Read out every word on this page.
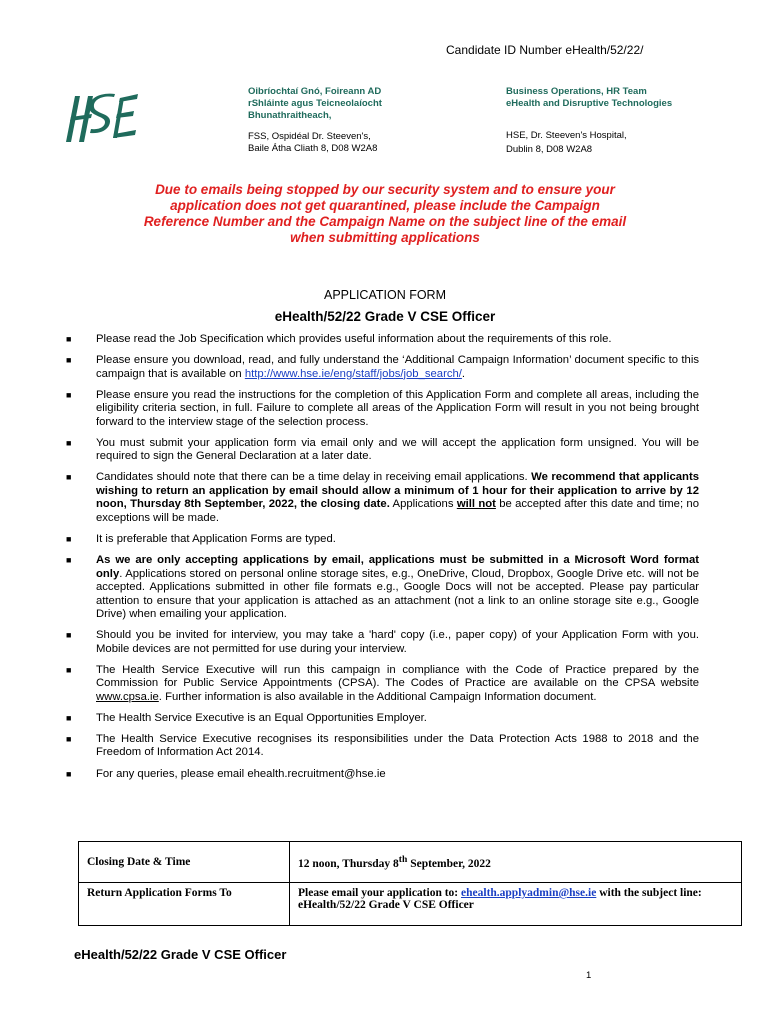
Candidate ID Number eHealth/52/22/
Oibríochtaí Gnó, Foireann AD
rShláinte agus Teicneolaíocht
Bhunathraitheach,
FSS, Ospidéal Dr. Steeven's,
Baile Átha Cliath 8, D08 W2A8
Business Operations, HR Team
eHealth and Disruptive Technologies
HSE, Dr. Steeven's Hospital,
Dublin 8, D08 W2A8
Due to emails being stopped by our security system and to ensure your
application does not get quarantined, please include the Campaign
Reference Number and the Campaign Name on the subject line of the email
when submitting applications
APPLICATION FORM
eHealth/52/22 Grade V CSE Officer
■	Please read the Job Specification which provides useful information about the requirements of this role.
■	Please ensure you download, read, and fully understand the ‘Additional Campaign Information’ document specific to this campaign that is available on http://www.hse.ie/eng/staff/jobs/job_search/.
■	Please ensure you read the instructions for the completion of this Application Form and complete all areas, including the eligibility criteria section, in full. Failure to complete all areas of the Application Form will result in you not being brought forward to the interview stage of the selection process.
■	You must submit your application form via email only and we will accept the application form unsigned. You will be required to sign the General Declaration at a later date.
■	Candidates should note that there can be a time delay in receiving email applications. We recommend that applicants wishing to return an application by email should allow a minimum of 1 hour for their application to arrive by 12 noon, Thursday 8th September, 2022, the closing date. Applications will not be accepted after this date and time; no exceptions will be made.
■	It is preferable that Application Forms are typed.
■	As we are only accepting applications by email, applications must be submitted in a Microsoft Word format only. Applications stored on personal online storage sites, e.g., OneDrive, Cloud, Dropbox, Google Drive etc. will not be accepted. Applications submitted in other file formats e.g., Google Docs will not be accepted. Please pay particular attention to ensure that your application is attached as an attachment (not a link to an online storage site e.g., Google Drive) when emailing your application.
■	Should you be invited for interview, you may take a 'hard' copy (i.e., paper copy) of your Application Form with you. Mobile devices are not permitted for use during your interview.
■	The Health Service Executive will run this campaign in compliance with the Code of Practice prepared by the Commission for Public Service Appointments (CPSA). The Codes of Practice are available on the CPSA website www.cpsa.ie. Further information is also available in the Additional Campaign Information document.
■	The Health Service Executive is an Equal Opportunities Employer.
■	The Health Service Executive recognises its responsibilities under the Data Protection Acts 1988 to 2018 and the Freedom of Information Act 2014.
■	For any queries, please email ehealth.recruitment@hse.ie
Closing Date & Time	12 noon, Thursday 8th September, 2022
Return Application Forms To	Please email your application to: ehealth.applyadmin@hse.ie with the subject line: eHealth/52/22 Grade V CSE Officer
eHealth/52/22 Grade V CSE Officer
1
